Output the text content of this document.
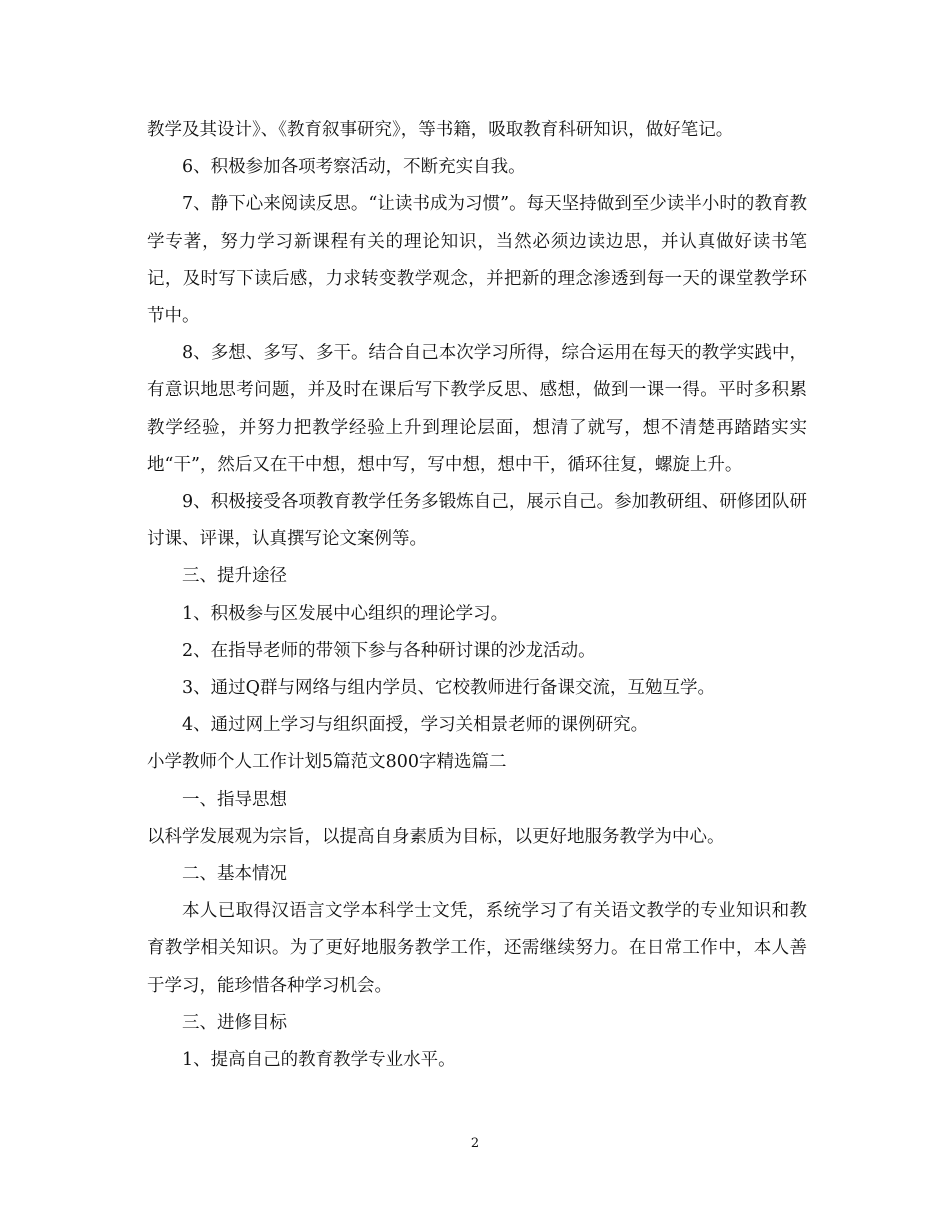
教学及其设计》、《教育叙事研究》，等书籍，吸取教育科研知识，做好笔记。

6、积极参加各项考察活动，不断充实自我。

7、静下心来阅读反思。“让读书成为习惯”。每天坚持做到至少读半小时的教育教学专著，努力学习新课程有关的理论知识，当然必须边读边思，并认真做好读书笔记，及时写下读后感，力求转变教学观念，并把新的理念渗透到每一天的课堂教学环节中。

8、多想、多写、多干。结合自己本次学习所得，综合运用在每天的教学实践中，有意识地思考问题，并及时在课后写下教学反思、感想，做到一课一得。平时多积累教学经验，并努力把教学经验上升到理论层面，想清了就写，想不清楚再踏踏实实地“干”，然后又在干中想，想中写，写中想，想中干，循环往复，螺旋上升。

9、积极接受各项教育教学任务多锻炼自己，展示自己。参加教研组、研修团队研讨课、评课，认真撰写论文案例等。

三、提升途径

1、积极参与区发展中心组织的理论学习。

2、在指导老师的带领下参与各种研讨课的沙龙活动。

3、通过Q群与网络与组内学员、它校教师进行备课交流，互勉互学。

4、通过网上学习与组织面授，学习关相景老师的课例研究。

小学教师个人工作计划5篇范文800字精选篇二

一、指导思想

以科学发展观为宗旨，以提高自身素质为目标，以更好地服务教学为中心。

二、基本情况

本人已取得汉语言文学本科学士文凭，系统学习了有关语文教学的专业知识和教育教学相关知识。为了更好地服务教学工作，还需继续努力。在日常工作中，本人善于学习，能珍惜各种学习机会。

三、进修目标

1、提高自己的教育教学专业水平。

2
